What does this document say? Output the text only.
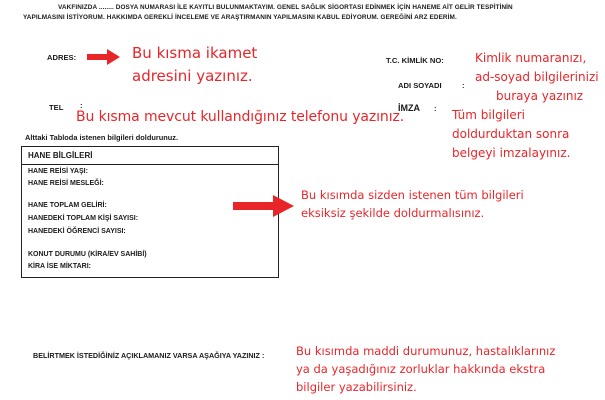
VAKFINIZDA ........ DOSYA NUMARASI İLE KAYITLI BULUNMAKTAYIM. GENEL SAĞLIK SİGORTASI EDİNMEK İÇİN HANEME AİT GELİR TESPİTİNİN
YAPILMASINI İSTİYORUM. HAKKIMDA GEREKLİ İNCELEME VE ARAŞTIRMANIN YAPILMASINI KABUL EDİYORUM. GEREĞİNİ ARZ EDERİM.
ADRES:	Bu kısma ikamet
adresini yazınız.
TEL :
Bu kısma mevcut kullandığınız telefonu yazınız.
T.C. KİMLİK NO:
ADI SOYADI	:
İMZA :
Kimlik numaranızı,
ad-soyad bilgilerinizi
buraya yazınız
Tüm bilgileri
doldurduktan sonra
belgeyi imzalayınız.
Alttaki Tabloda istenen bilgileri doldurunuz.
HANE BİLGİLERİ
HANE REİSİ YAŞI:
HANE REİSİ MESLEĞİ:
HANE TOPLAM GELİRİ:
HANEDEKİ TOPLAM KİŞİ SAYISI:
HANEDEKİ ÖĞRENCİ SAYISI:
KONUT DURUMU (KİRA/EV SAHİBİ)
KİRA İSE MİKTARI:
Bu kısımda sizden istenen tüm bilgileri
eksiksiz şekilde doldurmalısınız.
BELİRTMEK İSTEDİĞİNİZ AÇIKLAMANIZ VARSA AŞAĞIYA YAZINIZ :	Bu kısımda maddi durumunuz, hastalıklarınız
ya da yaşadığınız zorluklar hakkında ekstra
bilgiler yazabilirsiniz.
